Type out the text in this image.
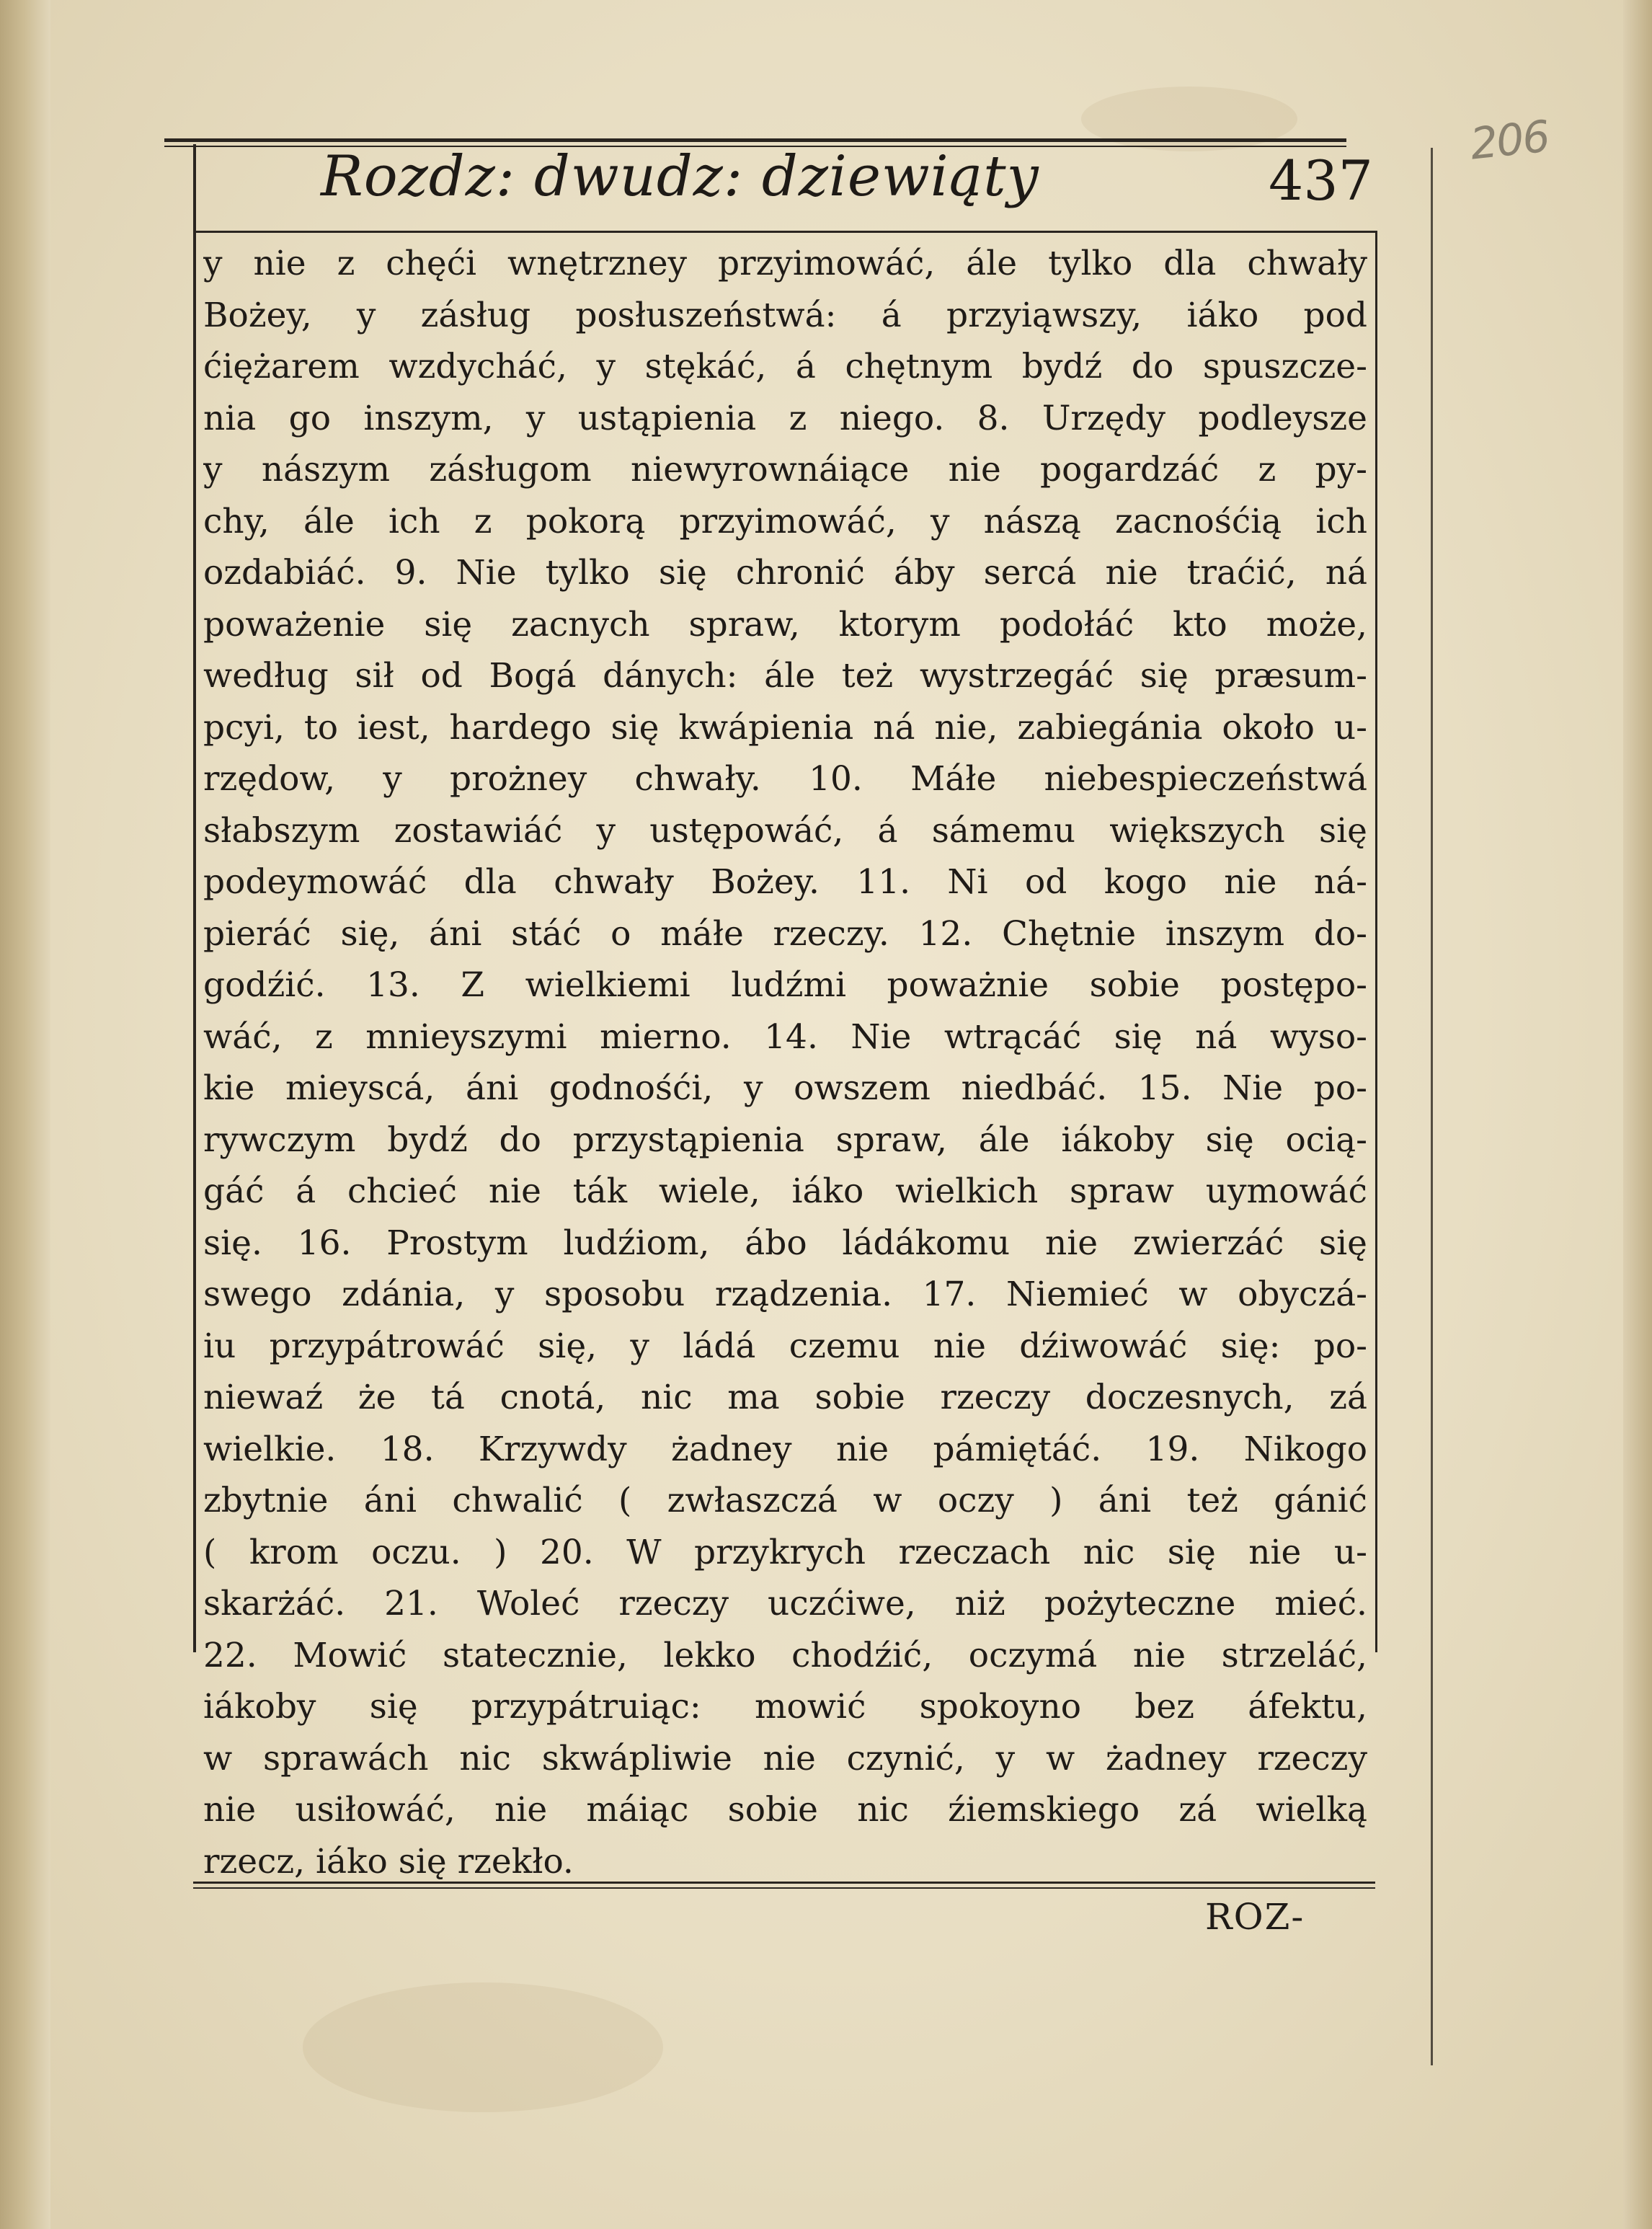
206
Rozdz: dwudz: dziewiąty	437
y nie z chęći wnętrzney przyimowáć, ále tylko dla chwały
Bożey, y zásług posłuszeństwá: á przyiąwszy, iáko pod
ćiężarem wzdycháć, y stękáć, á chętnym bydź do spuszcze-
nia go inszym, y ustąpienia z niego. 8. Urzędy podleysze
y nászym zásługom niewyrownáiące nie pogardzáć z py-
chy, ále ich z pokorą przyimowáć, y nászą zacnośćią ich
ozdabiáć. 9. Nie tylko się chronić áby sercá nie traćić, ná
poważenie się zacnych spraw, ktorym podołáć kto może,
według sił od Bogá dánych: ále też wystrzegáć się præsum-
pcyi, to iest, hardego się kwápienia ná nie, zabiegánia około u-
rzędow, y prożney chwały. 10. Máłe niebespieczeństwá
słabszym zostawiáć y ustępowáć, á sámemu większych się
podeymowáć dla chwały Bożey. 11. Ni od kogo nie ná-
pieráć się, áni stáć o máłe rzeczy. 12. Chętnie inszym do-
godźić. 13. Z wielkiemi ludźmi poważnie sobie postępo-
wáć, z mnieyszymi mierno. 14. Nie wtrącáć się ná wyso-
kie mieyscá, áni godnośći, y owszem niedbáć. 15. Nie po-
rywczym bydź do przystąpienia spraw, ále iákoby się ocią-
gáć á chcieć nie ták wiele, iáko wielkich spraw uymowáć
się. 16. Prostym ludźiom, ábo ládákomu nie zwierzáć się
swego zdánia, y sposobu rządzenia. 17. Niemieć w obyczá-
iu przypátrowáć się, y ládá czemu nie dźiwowáć się: po-
niewaź że tá cnotá, nic ma sobie rzeczy doczesnych, zá
wielkie. 18. Krzywdy żadney nie pámiętáć. 19. Nikogo
zbytnie áni chwalić ( zwłaszczá w oczy ) áni też gánić
( krom oczu. ) 20. W przykrych rzeczach nic się nie u-
skarżáć. 21. Woleć rzeczy uczćiwe, niż pożyteczne mieć.
22. Mowić statecznie, lekko chodźić, oczymá nie strzeláć,
iákoby się przypátruiąc: mowić spokoyno bez áfektu,
w sprawách nic skwápliwie nie czynić, y w żadney rzeczy
nie usiłowáć, nie máiąc sobie nic źiemskiego zá wielką
rzecz, iáko się rzekło.
ROZ-
